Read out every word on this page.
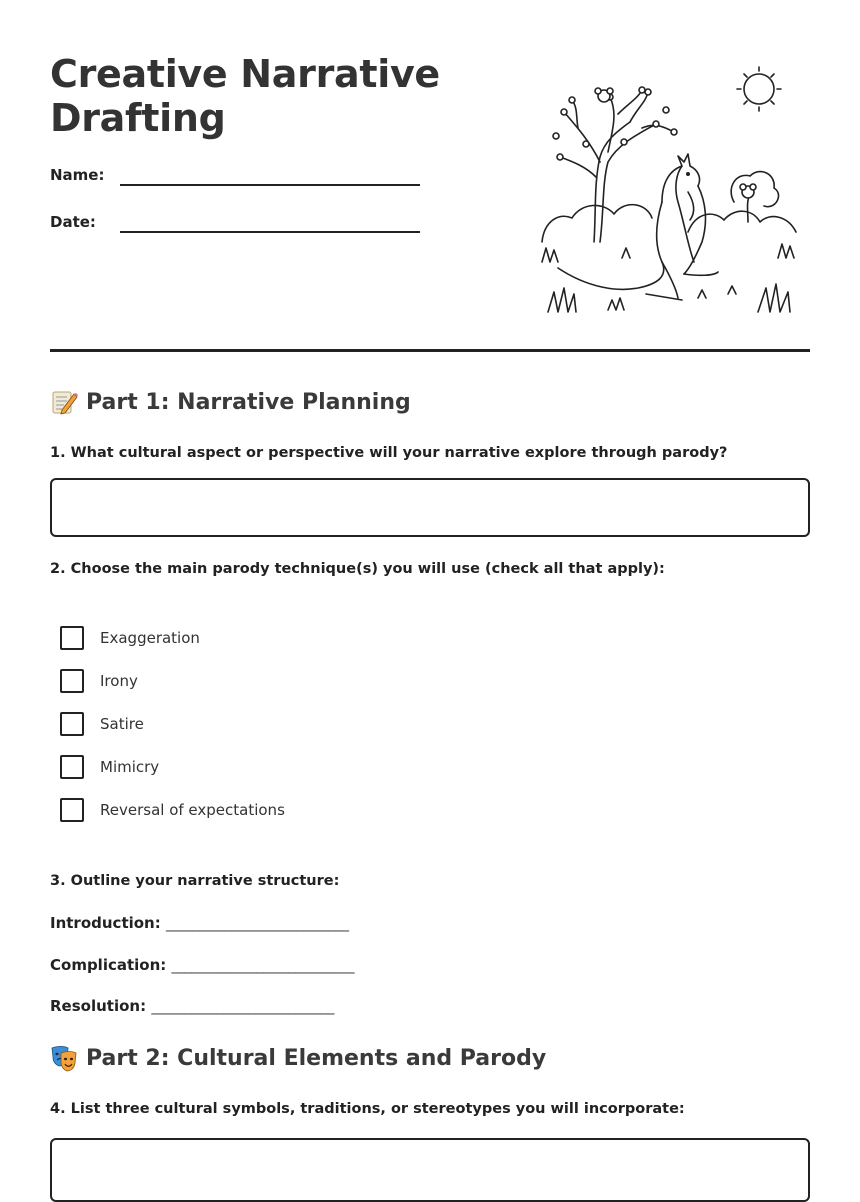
Creative Narrative Drafting
Name:
Date:
Part 1: Narrative Planning
1. What cultural aspect or perspective will your narrative explore through parody?
2. Choose the main parody technique(s) you will use (check all that apply):
Exaggeration
Irony
Satire
Mimicry
Reversal of expectations
3. Outline your narrative structure:
Introduction: ____________________________
Complication: ____________________________
Resolution: ____________________________
Part 2: Cultural Elements and Parody
4. List three cultural symbols, traditions, or stereotypes you will incorporate:
